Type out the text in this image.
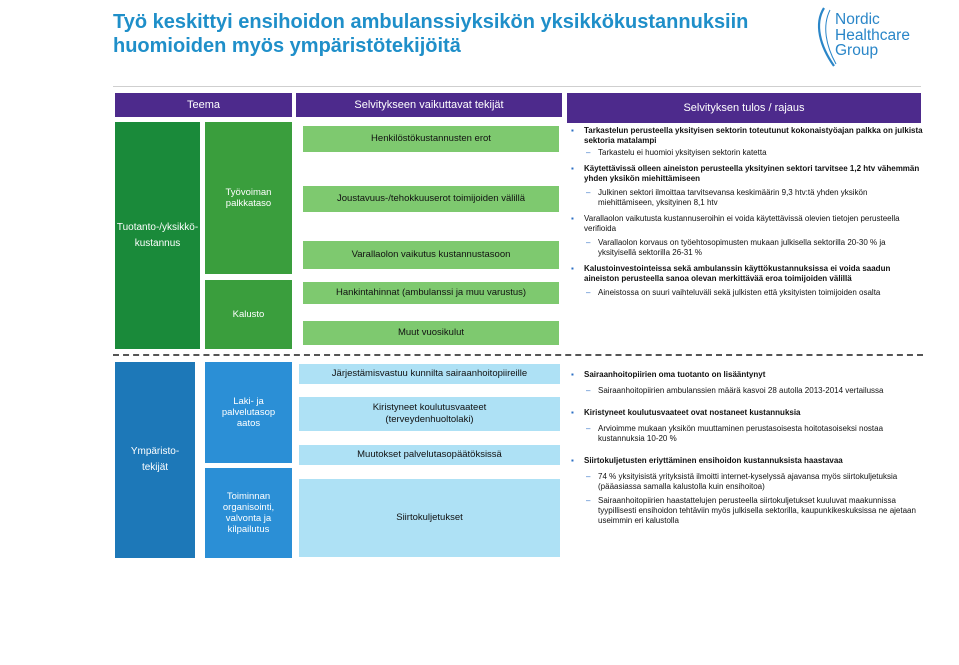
Työ keskittyi ensihoidon ambulanssiyksikön yksikkökustannuksiin huomioiden myös ympäristötekijöitä
Nordic
Healthcare
Group
Teema	Selvitykseen vaikuttavat tekijät	Selvityksen tulos / rajaus
Tuotanto-/yksikkö-kustannus
Työvoiman palkkataso
Kalusto
Henkilöstökustannusten erot
Joustavuus-/tehokkuuserot toimijoiden välillä
Varallaolon vaikutus kustannustasoon
Hankintahinnat (ambulanssi ja muu varustus)
Muut vuosikulut
Ympäristo-tekijät
Laki- ja palvelutasop aatos
Toiminnan organisointi, valvonta ja kilpailutus
Järjestämisvastuu kunnilta sairaanhoitopiireille
Kiristyneet koulutusvaateet (terveydenhuoltolaki)
Muutokset palvelutasopäätöksissä
Siirtokuljetukset
▪ Tarkastelun perusteella yksityisen sektorin toteutunut kokonaistyöajan palkka on julkista sektoria matalampi
– Tarkastelu ei huomioi yksityisen sektorin katetta
▪ Käytettävissä olleen aineiston perusteella yksityinen sektori tarvitsee 1,2 htv vähemmän yhden yksikön miehittämiseen
– Julkinen sektori ilmoittaa tarvitsevansa keskimäärin 9,3 htv:tä yhden yksikön miehittämiseen, yksityinen 8,1 htv
▪ Varallaolon vaikutusta kustannuseroihin ei voida käytettävissä olevien tietojen perusteella verifioida
– Varallaolon korvaus on työehtosopimusten mukaan julkisella sektorilla 20-30 % ja yksityisellä sektorilla 26-31 %
▪ Kalustoinvestointeissa sekä ambulanssin käyttökustannuksissa ei voida saadun aineiston perusteella sanoa olevan merkittävää eroa toimijoiden välillä
– Aineistossa on suuri vaihteluväli sekä julkisten että yksityisten toimijoiden osalta
▪ Sairaanhoitopiirien oma tuotanto on lisääntynyt
– Sairaanhoitopiirien ambulanssien määrä kasvoi 28 autolla 2013-2014 vertailussa
▪ Kiristyneet koulutusvaateet ovat nostaneet kustannuksia
– Arvioimme mukaan yksikön muuttaminen perustasoisesta hoitotasoiseksi nostaa kustannuksia 10-20 %
▪ Siirtokuljetusten eriyttäminen ensihoidon kustannuksista haastavaa
– 74 % yksityisistä yrityksistä ilmoitti internet-kyselyssä ajavansa myös siirtokuljetuksia (pääasiassa samalla kalustolla kuin ensihoitoa)
– Sairaanhoitopiirien haastattelujen perusteella siirtokuljetukset kuuluvat maakunnissa tyypillisesti ensihoidon tehtäviin myös julkisella sektorilla, kaupunkikeskuksissa ne ajetaan useimmin eri kalustolla
